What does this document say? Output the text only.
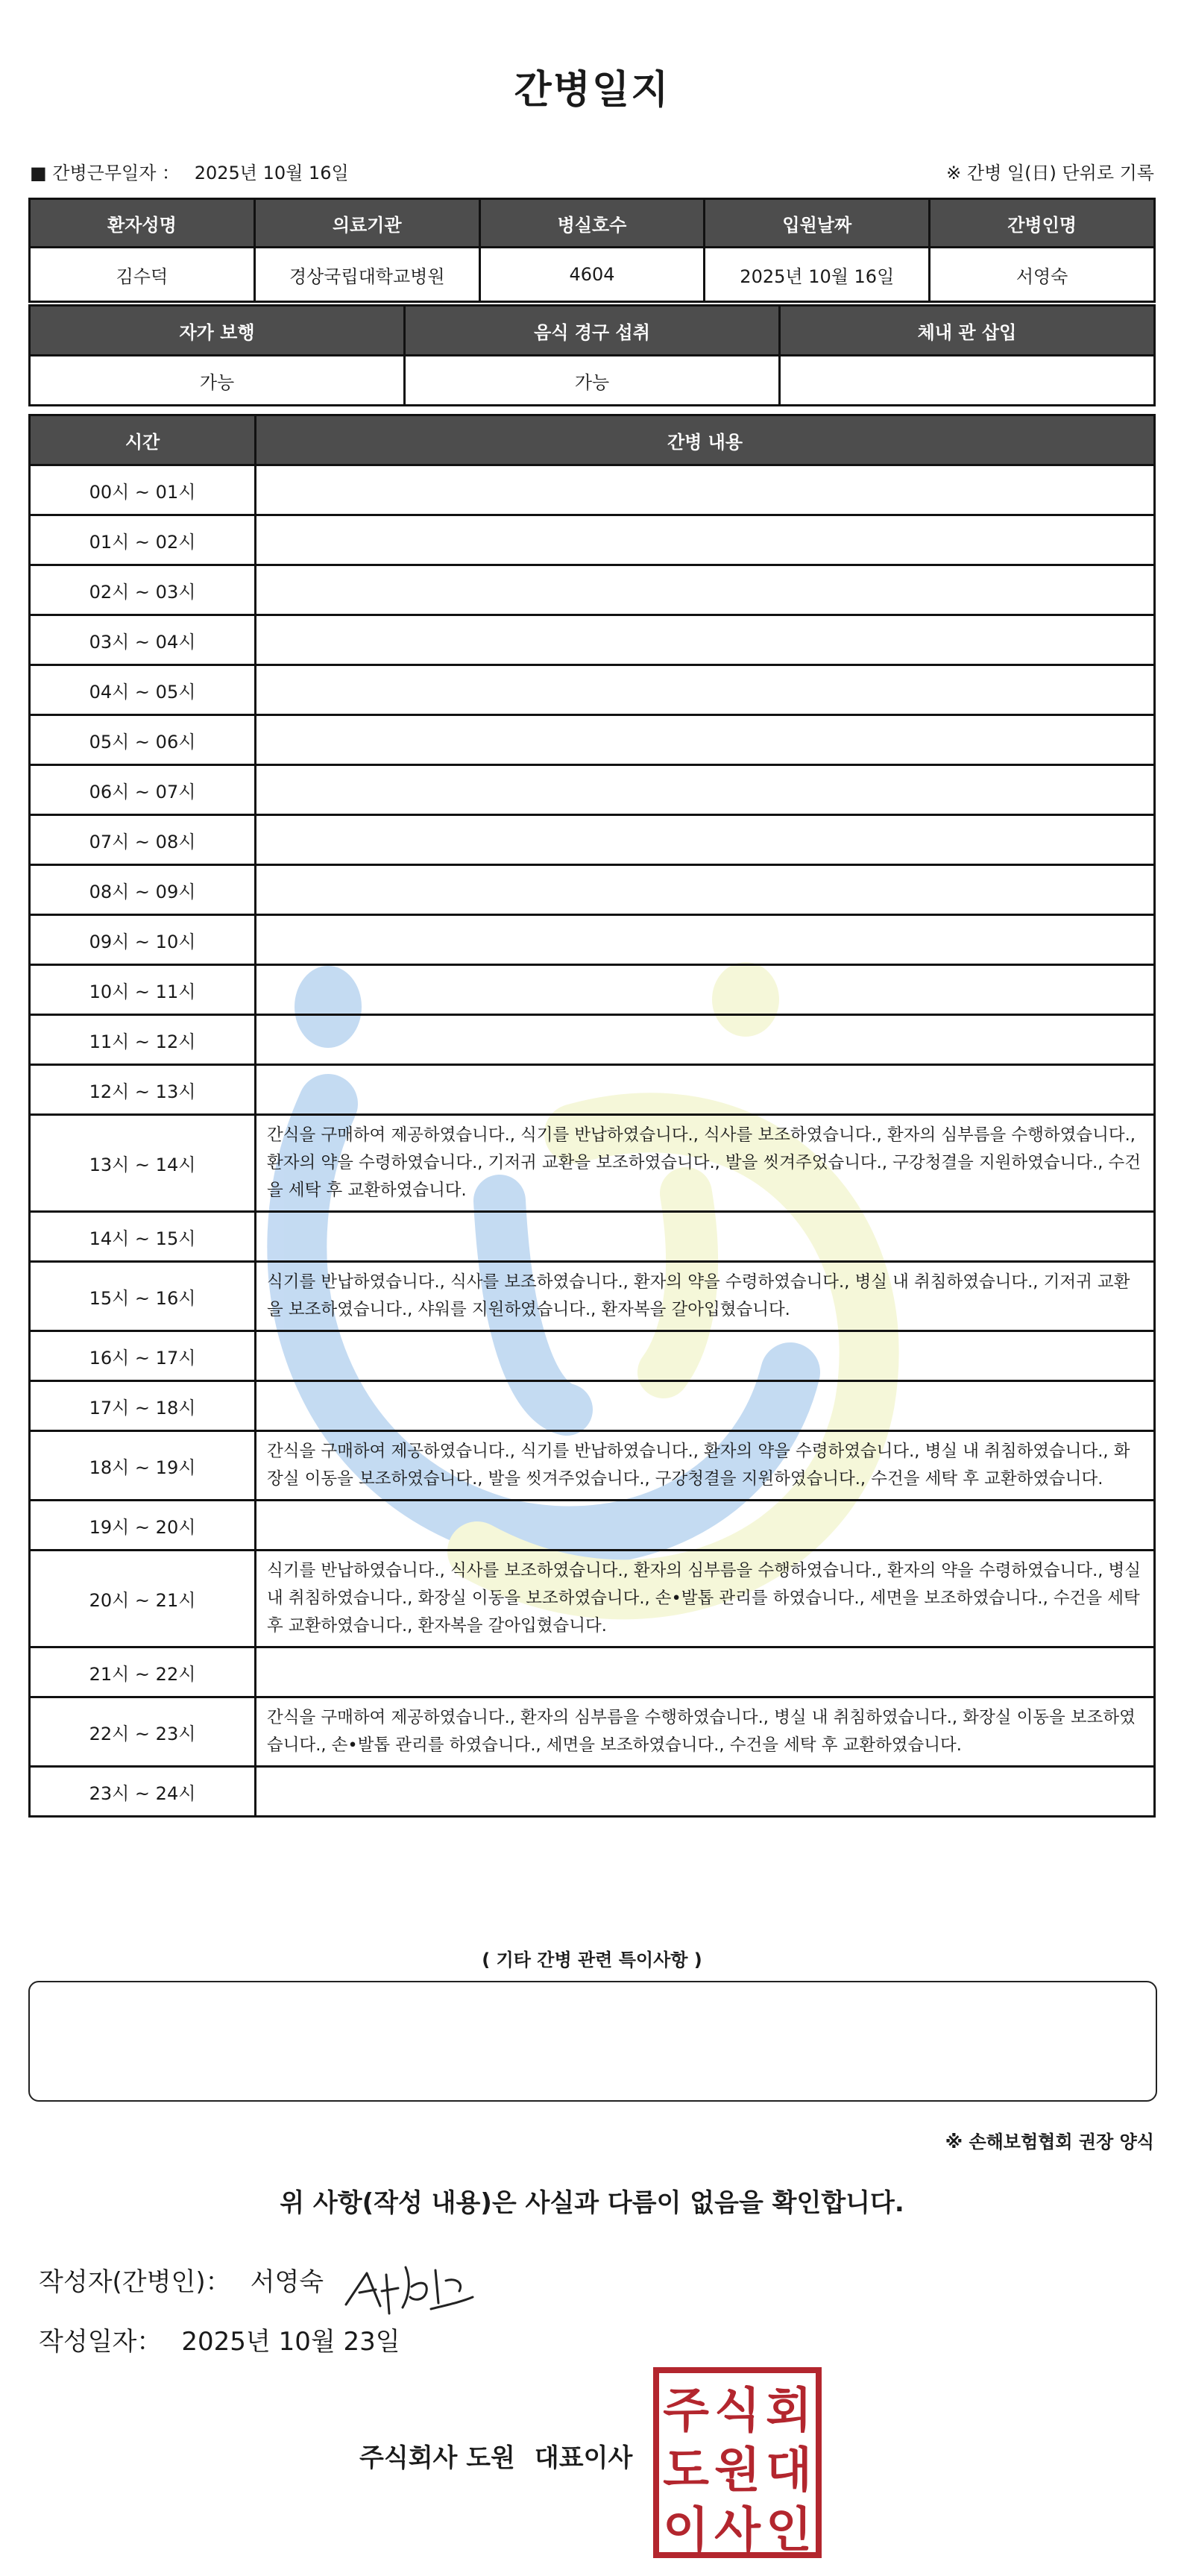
간병일지
■ 간병근무일자 ： 2025년 10월 16일	※ 간병 일(日) 단위로 기록
환자성명	의료기관	병실호수	입원날짜	간병인명
김수덕	경상국립대학교병원	4604	2025년 10월 16일	서영숙
자가 보행	음식 경구 섭취	체내 관 삽입
가능	가능	
시간	간병 내용
00시 ~ 01시	
01시 ~ 02시	
02시 ~ 03시	
03시 ~ 04시	
04시 ~ 05시	
05시 ~ 06시	
06시 ~ 07시	
07시 ~ 08시	
08시 ~ 09시	
09시 ~ 10시	
10시 ~ 11시	
11시 ~ 12시	
12시 ~ 13시	
13시 ~ 14시	간식을 구매하여 제공하였습니다., 식기를 반납하였습니다., 식사를 보조하였습니다., 환자의 심부름을 수행하였습니다., 환자의 약을 수령하였습니다., 기저귀 교환을 보조하였습니다., 발을 씻겨주었습니다., 구강청결을 지원하였습니다., 수건을 세탁 후 교환하였습니다.
14시 ~ 15시	
15시 ~ 16시	식기를 반납하였습니다., 식사를 보조하였습니다., 환자의 약을 수령하였습니다., 병실 내 취침하였습니다., 기저귀 교환을 보조하였습니다., 샤워를 지원하였습니다., 환자복을 갈아입혔습니다.
16시 ~ 17시	
17시 ~ 18시	
18시 ~ 19시	간식을 구매하여 제공하였습니다., 식기를 반납하였습니다., 환자의 약을 수령하였습니다., 병실 내 취침하였습니다., 화장실 이동을 보조하였습니다., 발을 씻겨주었습니다., 구강청결을 지원하였습니다., 수건을 세탁 후 교환하였습니다.
19시 ~ 20시	
20시 ~ 21시	식기를 반납하였습니다., 식사를 보조하였습니다., 환자의 심부름을 수행하였습니다., 환자의 약을 수령하였습니다., 병실 내 취침하였습니다., 화장실 이동을 보조하였습니다., 손•발톱 관리를 하였습니다., 세면을 보조하였습니다., 수건을 세탁 후 교환하였습니다., 환자복을 갈아입혔습니다.
21시 ~ 22시	
22시 ~ 23시	간식을 구매하여 제공하였습니다., 환자의 심부름을 수행하였습니다., 병실 내 취침하였습니다., 화장실 이동을 보조하였습니다., 손•발톱 관리를 하였습니다., 세면을 보조하였습니다., 수건을 세탁 후 교환하였습니다.
23시 ~ 24시	
( 기타 간병 관련 특이사항 )
※ 손해보험협회 권장 양식
위 사항(작성 내용)은 사실과 다름이 없음을 확인합니다.
작성자(간병인)： 서영숙
작성일자： 2025년 10월 23일
주식회사 도원 대표이사
주 식 회
도 원 대
이 사 인
